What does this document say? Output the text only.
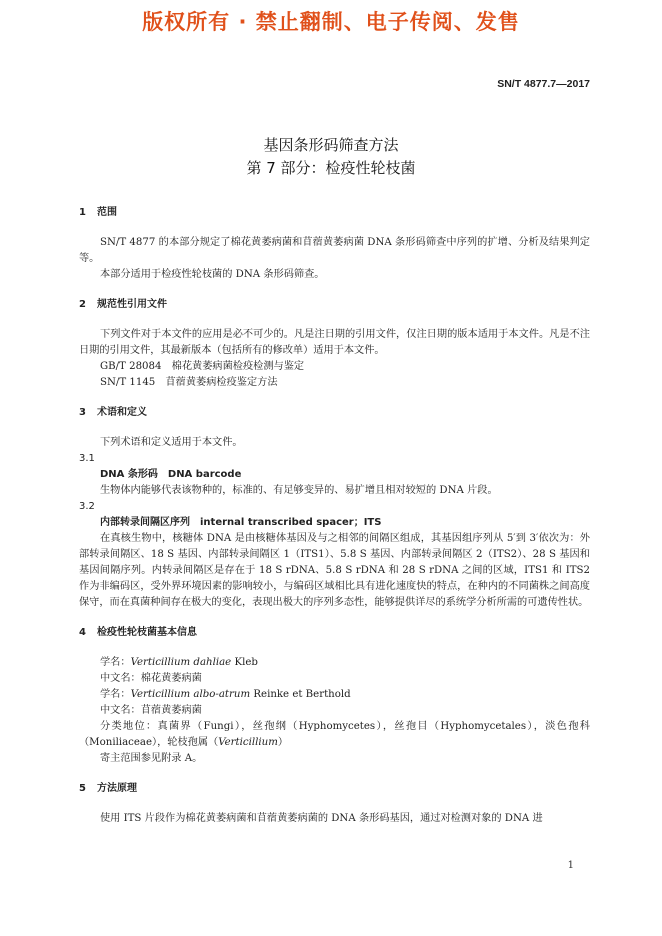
版权所有 · 禁止翻制、电子传阅、发售
SN/T 4877.7—2017
基因条形码筛查方法
第 7 部分：检疫性轮枝菌
1 范围
SN/T 4877 的本部分规定了棉花黄萎病菌和苜蓿黄萎病菌 DNA 条形码筛查中序列的扩增、分析及结果判定等。
本部分适用于检疫性轮枝菌的 DNA 条形码筛查。
2 规范性引用文件
下列文件对于本文件的应用是必不可少的。凡是注日期的引用文件，仅注日期的版本适用于本文件。凡是不注日期的引用文件，其最新版本（包括所有的修改单）适用于本文件。
GB/T 28084　棉花黄萎病菌检疫检测与鉴定
SN/T 1145　苜蓿黄萎病检疫鉴定方法
3 术语和定义
下列术语和定义适用于本文件。
3.1
DNA 条形码 DNA barcode
生物体内能够代表该物种的，标准的、有足够变异的、易扩增且相对较短的 DNA 片段。
3.2
内部转录间隔区序列 internal transcribed spacer；ITS
在真核生物中，核糖体 DNA 是由核糖体基因及与之相邻的间隔区组成，其基因组序列从 5′到 3′依次为：外部转录间隔区、18 S 基因、内部转录间隔区 1（ITS1）、5.8 S 基因、内部转录间隔区 2（ITS2）、28 S 基因和基因间隔序列。内转录间隔区是存在于 18 S rDNA、5.8 S rDNA 和 28 S rDNA 之间的区域，ITS1 和 ITS2 作为非编码区，受外界环境因素的影响较小，与编码区域相比具有进化速度快的特点，在种内的不同菌株之间高度保守，而在真菌种间存在极大的变化，表现出极大的序列多态性，能够提供详尽的系统学分析所需的可遗传性状。
4 检疫性轮枝菌基本信息
学名：Verticillium dahliae Kleb
中文名：棉花黄萎病菌
学名：Verticillium albo-atrum Reinke et Berthold
中文名：苜蓿黄萎病菌
分类地位：真菌界（Fungi），丝孢纲（Hyphomycetes），丝孢目（Hyphomycetales），淡色孢科（Moniliaceae），轮枝孢属（Verticillium）
寄主范围参见附录 A。
5 方法原理
使用 ITS 片段作为棉花黄萎病菌和苜蓿黄萎病菌的 DNA 条形码基因，通过对检测对象的 DNA 进
1
